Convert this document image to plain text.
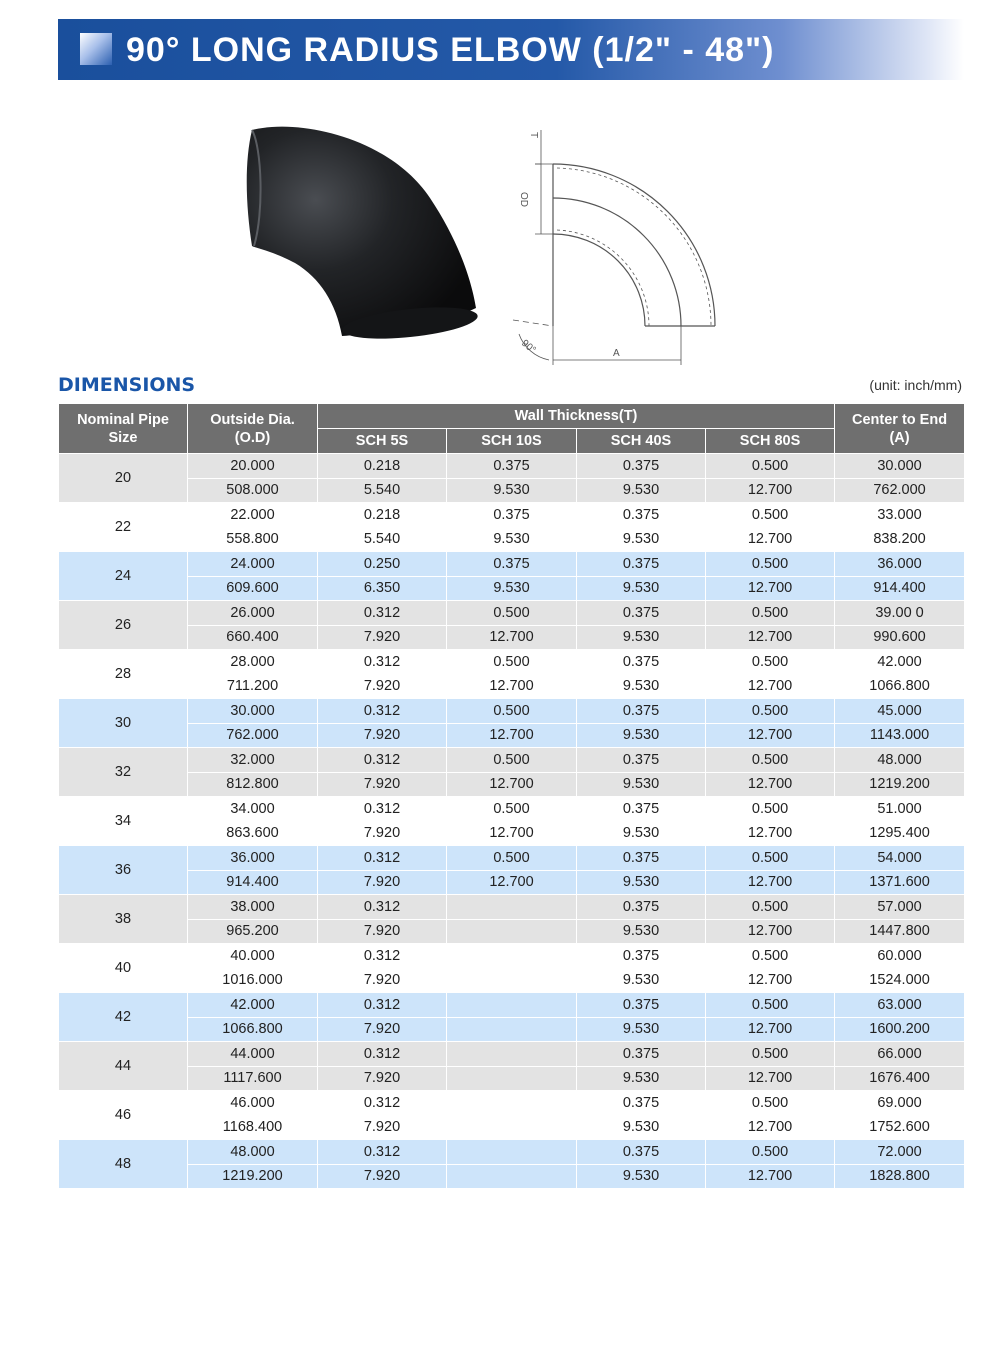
90° LONG RADIUS ELBOW (1/2" - 48")
T
OD
90°	A
DIMENSIONS	(unit: inch/mm)
Nominal Pipe Size	Outside Dia. (O.D)	Wall Thickness(T)				Center to End (A)
		SCH 5S	SCH 10S	SCH 40S	SCH 80S	
20	20.000	0.218	0.375	0.375	0.500	30.000
	508.000	5.540	9.530	9.530	12.700	762.000
22	22.000	0.218	0.375	0.375	0.500	33.000
	558.800	5.540	9.530	9.530	12.700	838.200
24	24.000	0.250	0.375	0.375	0.500	36.000
	609.600	6.350	9.530	9.530	12.700	914.400
26	26.000	0.312	0.500	0.375	0.500	39.00 0
	660.400	7.920	12.700	9.530	12.700	990.600
28	28.000	0.312	0.500	0.375	0.500	42.000
	711.200	7.920	12.700	9.530	12.700	1066.800
30	30.000	0.312	0.500	0.375	0.500	45.000
	762.000	7.920	12.700	9.530	12.700	1143.000
32	32.000	0.312	0.500	0.375	0.500	48.000
	812.800	7.920	12.700	9.530	12.700	1219.200
34	34.000	0.312	0.500	0.375	0.500	51.000
	863.600	7.920	12.700	9.530	12.700	1295.400
36	36.000	0.312	0.500	0.375	0.500	54.000
	914.400	7.920	12.700	9.530	12.700	1371.600
38	38.000	0.312		0.375	0.500	57.000
	965.200	7.920		9.530	12.700	1447.800
40	40.000	0.312		0.375	0.500	60.000
	1016.000	7.920		9.530	12.700	1524.000
42	42.000	0.312		0.375	0.500	63.000
	1066.800	7.920		9.530	12.700	1600.200
44	44.000	0.312		0.375	0.500	66.000
	1117.600	7.920		9.530	12.700	1676.400
46	46.000	0.312		0.375	0.500	69.000
	1168.400	7.920		9.530	12.700	1752.600
48	48.000	0.312		0.375	0.500	72.000
	1219.200	7.920		9.530	12.700	1828.800
